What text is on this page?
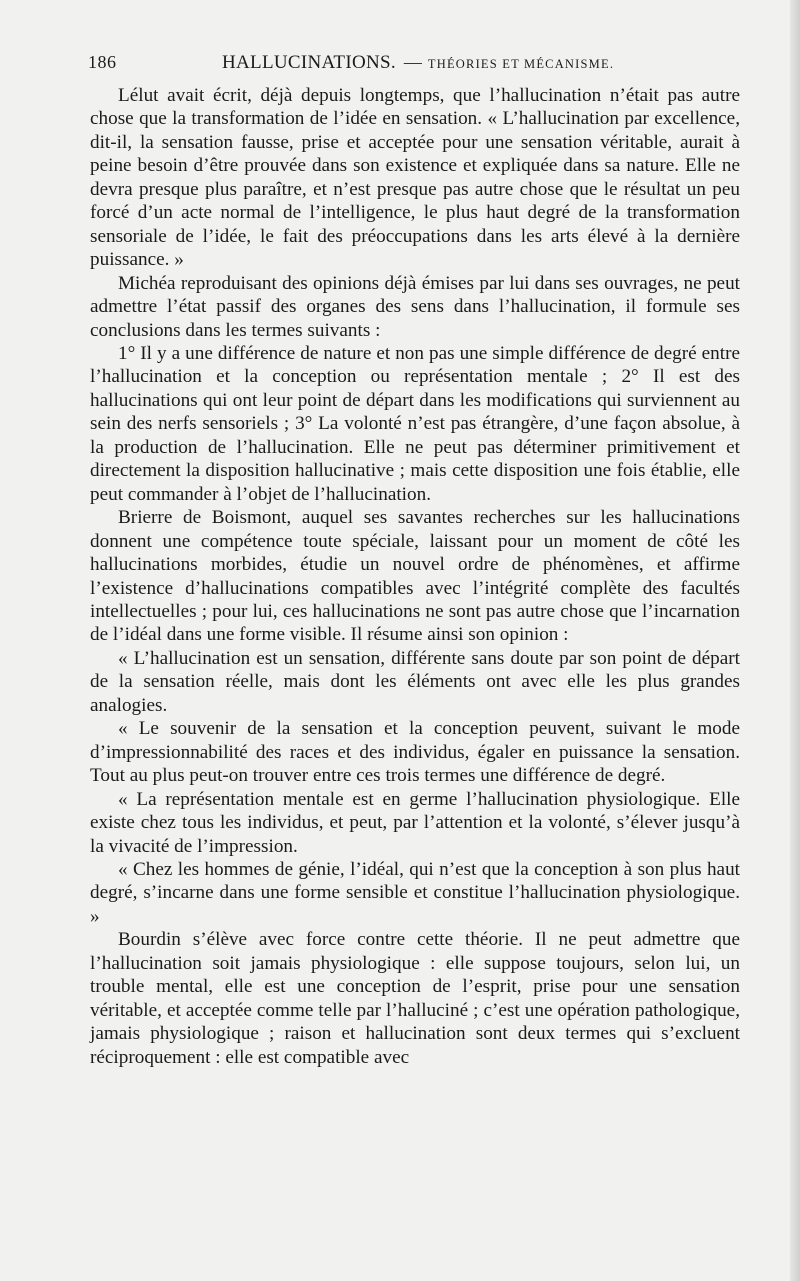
186	HALLUCINATIONS. — THÉORIES ET MÉCANISME.

Lélut avait écrit, déjà depuis longtemps, que l’hallucination n’était pas autre chose que la transformation de l’idée en sensation. « L’hallucination par excellence, dit-il, la sensation fausse, prise et acceptée pour une sensation véritable, aurait à peine besoin d’être prouvée dans son existence et expliquée dans sa nature. Elle ne devra presque plus paraître, et n’est presque pas autre chose que le résultat un peu forcé d’un acte normal de l’intelligence, le plus haut degré de la transformation sensoriale de l’idée, le fait des préoccupations dans les arts élevé à la dernière puissance. »

Michéa reproduisant des opinions déjà émises par lui dans ses ouvrages, ne peut admettre l’état passif des organes des sens dans l’hallucination, il formule ses conclusions dans les termes suivants :

1° Il y a une différence de nature et non pas une simple différence de degré entre l’hallucination et la conception ou représentation mentale ; 2° Il est des hallucinations qui ont leur point de départ dans les modifications qui surviennent au sein des nerfs sensoriels ; 3° La volonté n’est pas étrangère, d’une façon absolue, à la production de l’hallucination. Elle ne peut pas déterminer primitivement et directement la disposition hallucinative ; mais cette disposition une fois établie, elle peut commander à l’objet de l’hallucination.

Brierre de Boismont, auquel ses savantes recherches sur les hallucinations donnent une compétence toute spéciale, laissant pour un moment de côté les hallucinations morbides, étudie un nouvel ordre de phénomènes, et affirme l’existence d’hallucinations compatibles avec l’intégrité complète des facultés intellectuelles ; pour lui, ces hallucinations ne sont pas autre chose que l’incarnation de l’idéal dans une forme visible. Il résume ainsi son opinion :

« L’hallucination est un sensation, différente sans doute par son point de départ de la sensation réelle, mais dont les éléments ont avec elle les plus grandes analogies.

« Le souvenir de la sensation et la conception peuvent, suivant le mode d’impressionnabilité des races et des individus, égaler en puissance la sensation. Tout au plus peut-on trouver entre ces trois termes une différence de degré.

« La représentation mentale est en germe l’hallucination physiologique. Elle existe chez tous les individus, et peut, par l’attention et la volonté, s’élever jusqu’à la vivacité de l’impression.

« Chez les hommes de génie, l’idéal, qui n’est que la conception à son plus haut degré, s’incarne dans une forme sensible et constitue l’hallucination physiologique. »

Bourdin s’élève avec force contre cette théorie. Il ne peut admettre que l’hallucination soit jamais physiologique : elle suppose toujours, selon lui, un trouble mental, elle est une conception de l’esprit, prise pour une sensation véritable, et acceptée comme telle par l’halluciné ; c’est une opération pathologique, jamais physiologique ; raison et hallucination sont deux termes qui s’excluent réciproquement : elle est compatible avec
